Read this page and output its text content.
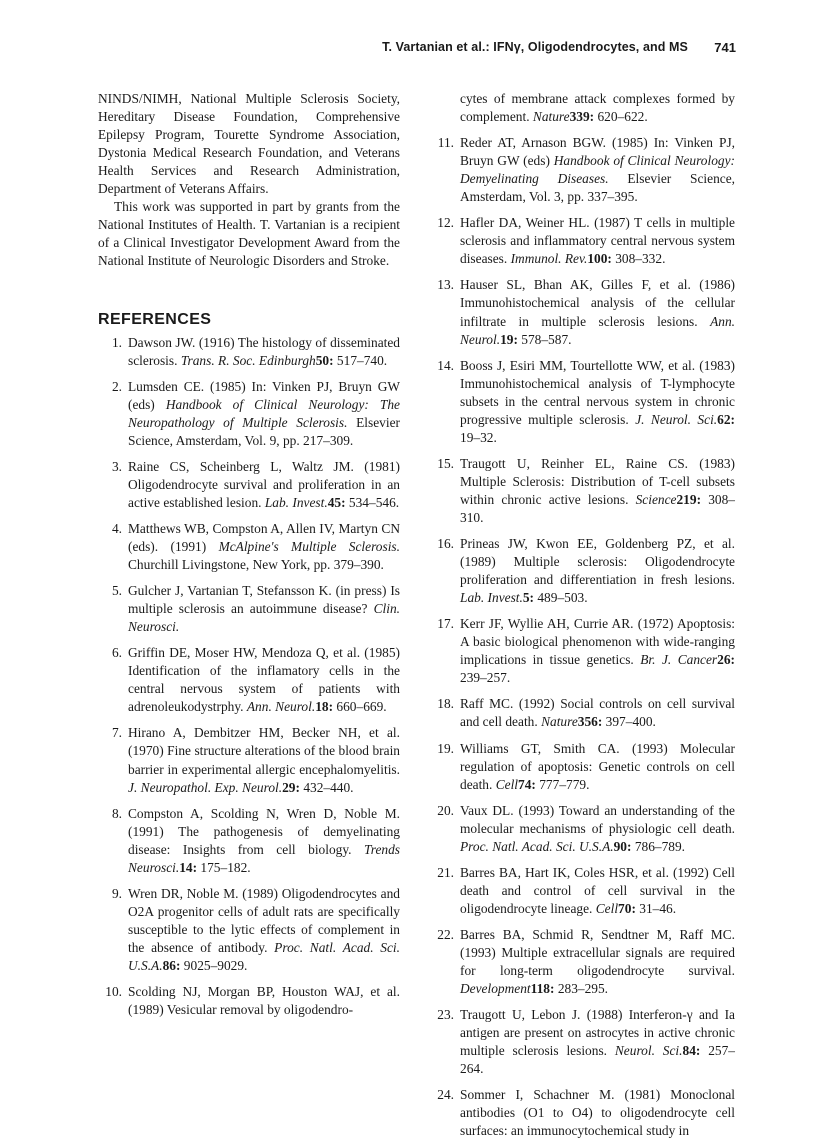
T. Vartanian et al.: IFNγ, Oligodendrocytes, and MS 741

NINDS/NIMH, National Multiple Sclerosis Society, Hereditary Disease Foundation, Comprehensive Epilepsy Program, Tourette Syndrome Association, Dystonia Medical Research Foundation, and Veterans Health Services and Research Administration, Department of Veterans Affairs.

This work was supported in part by grants from the National Institutes of Health. T. Vartanian is a recipient of a Clinical Investigator Development Award from the National Institute of Neurologic Disorders and Stroke.

REFERENCES
1. Dawson JW. (1916) The histology of disseminated sclerosis. Trans. R. Soc. Edinburgh50: 517–740.
2. Lumsden CE. (1985) In: Vinken PJ, Bruyn GW (eds) Handbook of Clinical Neurology: The Neuropathology of Multiple Sclerosis. Elsevier Science, Amsterdam, Vol. 9, pp. 217–309.
3. Raine CS, Scheinberg L, Waltz JM. (1981) Oligodendrocyte survival and proliferation in an active established lesion. Lab. Invest.45: 534–546.
4. Matthews WB, Compston A, Allen IV, Martyn CN (eds). (1991) McAlpine's Multiple Sclerosis. Churchill Livingstone, New York, pp. 379–390.
5. Gulcher J, Vartanian T, Stefansson K. (in press) Is multiple sclerosis an autoimmune disease? Clin. Neurosci.
6. Griffin DE, Moser HW, Mendoza Q, et al. (1985) Identification of the inflamatory cells in the central nervous system of patients with adrenoleukodystrphy. Ann. Neurol.18: 660–669.
7. Hirano A, Dembitzer HM, Becker NH, et al. (1970) Fine structure alterations of the blood brain barrier in experimental allergic encephalomyelitis. J. Neuropathol. Exp. Neurol.29: 432–440.
8. Compston A, Scolding N, Wren D, Noble M. (1991) The pathogenesis of demyelinating disease: Insights from cell biology. Trends Neurosci.14: 175–182.
9. Wren DR, Noble M. (1989) Oligodendrocytes and O2A progenitor cells of adult rats are specifically susceptible to the lytic effects of complement in the absence of antibody. Proc. Natl. Acad. Sci. U.S.A.86: 9025–9029.
10. Scolding NJ, Morgan BP, Houston WAJ, et al. (1989) Vesicular removal by oligodendro-
cytes of membrane attack complexes formed by complement. Nature339: 620–622.
11. Reder AT, Arnason BGW. (1985) In: Vinken PJ, Bruyn GW (eds) Handbook of Clinical Neurology: Demyelinating Diseases. Elsevier Science, Amsterdam, Vol. 3, pp. 337–395.
12. Hafler DA, Weiner HL. (1987) T cells in multiple sclerosis and inflammatory central nervous system diseases. Immunol. Rev.100: 308–332.
13. Hauser SL, Bhan AK, Gilles F, et al. (1986) Immunohistochemical analysis of the cellular infiltrate in multiple sclerosis lesions. Ann. Neurol.19: 578–587.
14. Booss J, Esiri MM, Tourtellotte WW, et al. (1983) Immunohistochemical analysis of T-lymphocyte subsets in the central nervous system in chronic progressive multiple sclerosis. J. Neurol. Sci.62: 19–32.
15. Traugott U, Reinher EL, Raine CS. (1983) Multiple Sclerosis: Distribution of T-cell subsets within chronic active lesions. Science219: 308–310.
16. Prineas JW, Kwon EE, Goldenberg PZ, et al. (1989) Multiple sclerosis: Oligodendrocyte proliferation and differentiation in fresh lesions. Lab. Invest.5: 489–503.
17. Kerr JF, Wyllie AH, Currie AR. (1972) Apoptosis: A basic biological phenomenon with wide-ranging implications in tissue genetics. Br. J. Cancer26: 239–257.
18. Raff MC. (1992) Social controls on cell survival and cell death. Nature356: 397–400.
19. Williams GT, Smith CA. (1993) Molecular regulation of apoptosis: Genetic controls on cell death. Cell74: 777–779.
20. Vaux DL. (1993) Toward an understanding of the molecular mechanisms of physiologic cell death. Proc. Natl. Acad. Sci. U.S.A.90: 786–789.
21. Barres BA, Hart IK, Coles HSR, et al. (1992) Cell death and control of cell survival in the oligodendrocyte lineage. Cell70: 31–46.
22. Barres BA, Schmid R, Sendtner M, Raff MC. (1993) Multiple extracellular signals are required for long-term oligodendrocyte survival. Development118: 283–295.
23. Traugott U, Lebon J. (1988) Interferon-γ and Ia antigen are present on astrocytes in active chronic multiple sclerosis lesions. Neurol. Sci.84: 257–264.
24. Sommer I, Schachner M. (1981) Monoclonal antibodies (O1 to O4) to oligodendrocyte cell surfaces: an immunocytochemical study in
